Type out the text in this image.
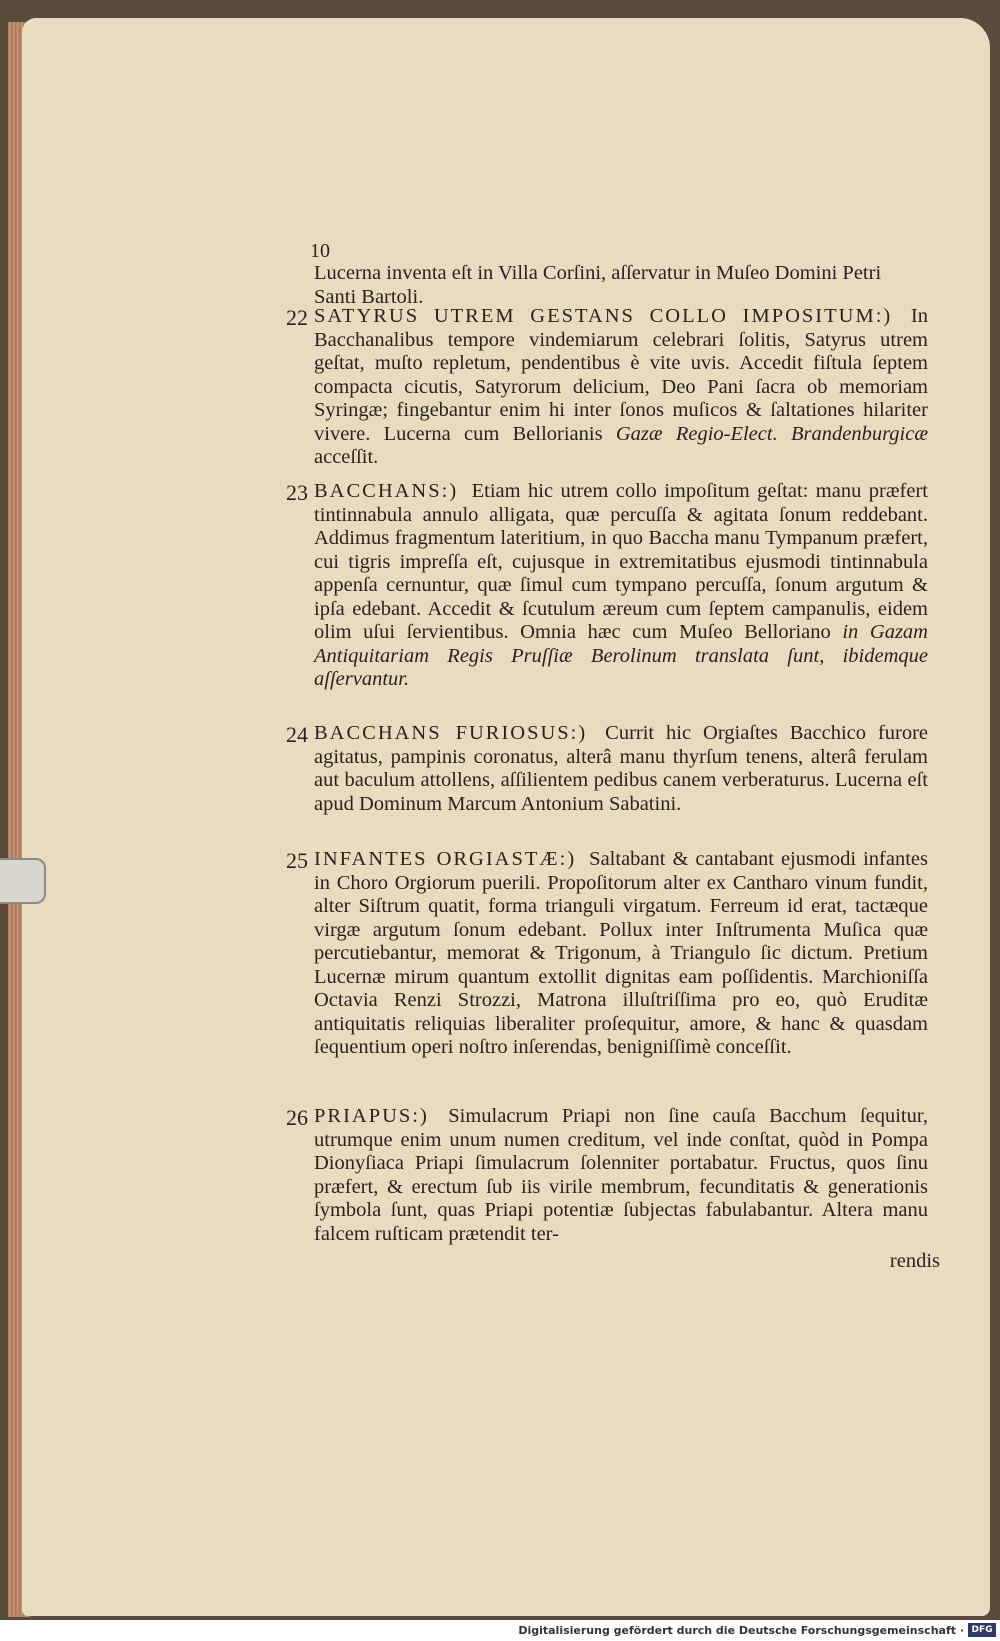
10
Lucerna inventa eſt in Villa Corſini, aſſervatur in Muſeo Domini Petri Santi Bartoli.
22 SATYRUS UTREM GESTANS COLLO IMPOSITUM:) In Bacchanalibus tempore vindemiarum celebrari ſolitis, Satyrus utrem geſtat, muſto repletum, pendentibus è vite uvis. Accedit fiſtula ſeptem compacta cicutis, Satyrorum delicium, Deo Pani ſacra ob memoriam Syringæ; fingebantur enim hi inter ſonos muſicos & ſaltationes hilariter vivere. Lucerna cum Bellorianis Gazæ Regio-Elect. Brandenburgicæ acceſſit.
23 BACCHANS:) Etiam hic utrem collo impoſitum geſtat: manu præfert tintinnabula annulo alligata, quæ percuſſa & agitata ſonum reddebant. Addimus fragmentum lateritium, in quo Baccha manu Tympanum præfert, cui tigris impreſſa eſt, cujusque in extremitatibus ejusmodi tintinnabula appenſa cernuntur, quæ ſimul cum tympano percuſſa, ſonum argutum & ipſa edebant. Accedit & ſcutulum æreum cum ſeptem campanulis, eidem olim uſui ſervientibus. Omnia hæc cum Muſeo Belloriano in Gazam Antiquitariam Regis Pruſſiæ Berolinum translata ſunt, ibidemque aſſervantur.
24 BACCHANS FURIOSUS:) Currit hic Orgiaſtes Bacchico furore agitatus, pampinis coronatus, alterâ manu thyrſum tenens, alterâ ferulam aut baculum attollens, aſſilientem pedibus canem verberaturus. Lucerna eſt apud Dominum Marcum Antonium Sabatini.
25 INFANTES ORGIASTÆ:) Saltabant & cantabant ejusmodi infantes in Choro Orgiorum puerili. Propoſitorum alter ex Cantharo vinum fundit, alter Siſtrum quatit, forma trianguli virgatum. Ferreum id erat, tactæque virgæ argutum ſonum edebant. Pollux inter Inſtrumenta Muſica quæ percutiebantur, memorat & Trigonum, à Triangulo ſic dictum. Pretium Lucernæ mirum quantum extollit dignitas eam poſſidentis. Marchioniſſa Octavia Renzi Strozzi, Matrona illuſtriſſima pro eo, quò Eruditæ antiquitatis reliquias liberaliter proſequitur, amore, & hanc & quasdam ſequentium operi noſtro inſerendas, benigniſſimè conceſſit.
26 PRIAPUS:) Simulacrum Priapi non ſine cauſa Bacchum ſequitur, utrumque enim unum numen creditum, vel inde conſtat, quòd in Pompa Dionyſiaca Priapi ſimulacrum ſolenniter portabatur. Fructus, quos ſinu præfert, & erectum ſub iis virile membrum, fecunditatis & generationis ſymbola ſunt, quas Priapi potentiæ ſubjectas fabulabantur. Altera manu falcem ruſticam prætendit ter-
rendis
Digitalisierung gefördert durch die Deutsche Forschungsgemeinschaft · DFG
